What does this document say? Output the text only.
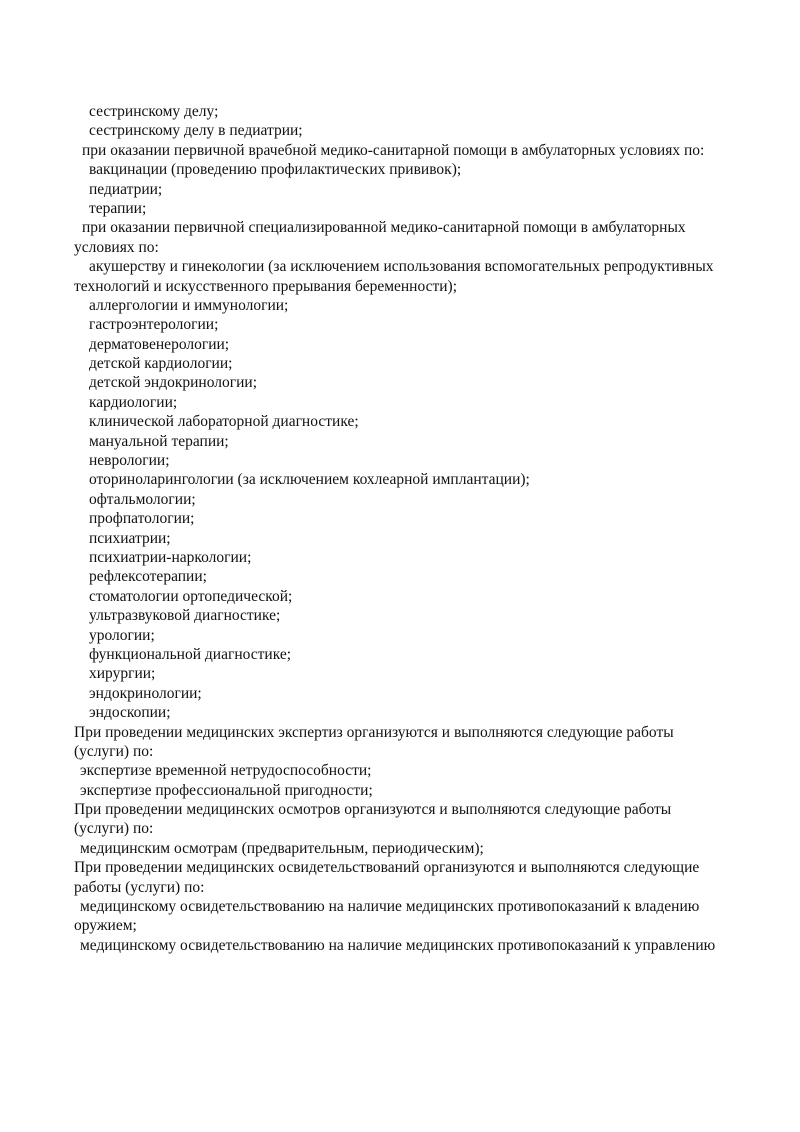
сестринскому делу;
сестринскому делу в педиатрии;
при оказании первичной врачебной медико-санитарной помощи в амбулаторных условиях по:
вакцинации (проведению профилактических прививок);
педиатрии;
терапии;
при оказании первичной специализированной медико-санитарной помощи в амбулаторных
условиях по:
акушерству и гинекологии (за исключением использования вспомогательных репродуктивных
технологий и искусственного прерывания беременности);
аллергологии и иммунологии;
гастроэнтерологии;
дерматовенерологии;
детской кардиологии;
детской эндокринологии;
кардиологии;
клинической лабораторной диагностике;
мануальной терапии;
неврологии;
оториноларингологии (за исключением кохлеарной имплантации);
офтальмологии;
профпатологии;
психиатрии;
психиатрии-наркологии;
рефлексотерапии;
стоматологии ортопедической;
ультразвуковой диагностике;
урологии;
функциональной диагностике;
хирургии;
эндокринологии;
эндоскопии;
При проведении медицинских экспертиз организуются и выполняются следующие работы
(услуги) по:
экспертизе временной нетрудоспособности;
экспертизе профессиональной пригодности;
При проведении медицинских осмотров организуются и выполняются следующие работы
(услуги) по:
медицинским осмотрам (предварительным, периодическим);
При проведении медицинских освидетельствований организуются и выполняются следующие
работы (услуги) по:
медицинскому освидетельствованию на наличие медицинских противопоказаний к владению
оружием;
медицинскому освидетельствованию на наличие медицинских противопоказаний к управлению
